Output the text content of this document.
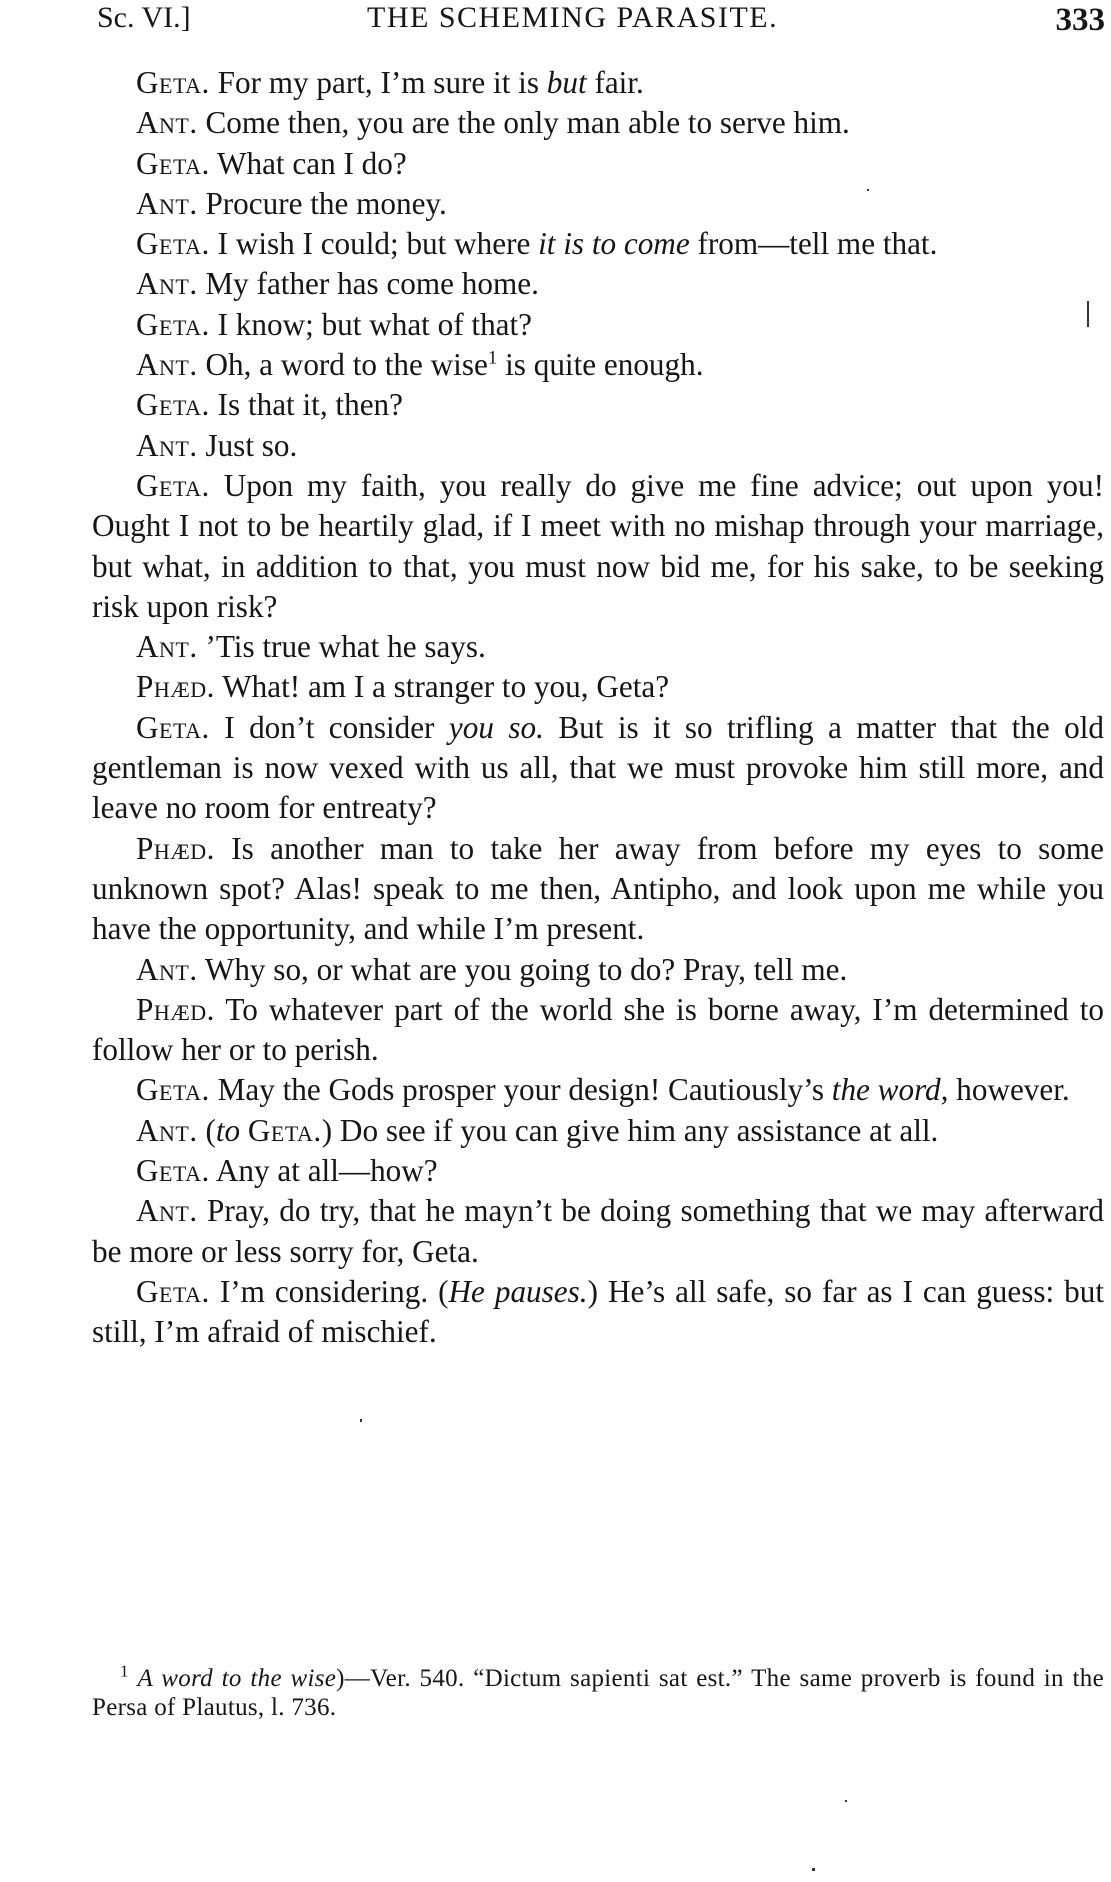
Sc. VI.]	THE SCHEMING PARASITE.	333

Geta. For my part, I’m sure it is but fair.

Ant. Come then, you are the only man able to serve him.

Geta. What can I do?

Ant. Procure the money.

Geta. I wish I could; but where it is to come from—tell me that.

Ant. My father has come home.

Geta. I know; but what of that?

Ant. Oh, a word to the wise$^1$ is quite enough.

Geta. Is that it, then?

Ant. Just so.

Geta. Upon my faith, you really do give me fine advice; out upon you! Ought I not to be heartily glad, if I meet with no mishap through your marriage, but what, in addition to that, you must now bid me, for his sake, to be seeking risk upon risk?

Ant. ’Tis true what he says.

Phæd. What! am I a stranger to you, Geta?

Geta. I don’t consider you so. But is it so trifling a matter that the old gentleman is now vexed with us all, that we must provoke him still more, and leave no room for entreaty?

Phæd. Is another man to take her away from before my eyes to some unknown spot? Alas! speak to me then, Antipho, and look upon me while you have the opportunity, and while I’m present.

Ant. Why so, or what are you going to do? Pray, tell me.

Phæd. To whatever part of the world she is borne away, I’m determined to follow her or to perish.

Geta. May the Gods prosper your design! Cautiously’s the word, however.

Ant. (to Geta.) Do see if you can give him any assistance at all.

Geta. Any at all—how?

Ant. Pray, do try, that he mayn’t be doing something that we may afterward be more or less sorry for, Geta.

Geta. I’m considering. (He pauses.) He’s all safe, so far as I can guess: but still, I’m afraid of mischief.

$^1$ A word to the wise)—Ver. 540. “Dictum sapienti sat est.” The same proverb is found in the Persa of Plautus, l. 736.
